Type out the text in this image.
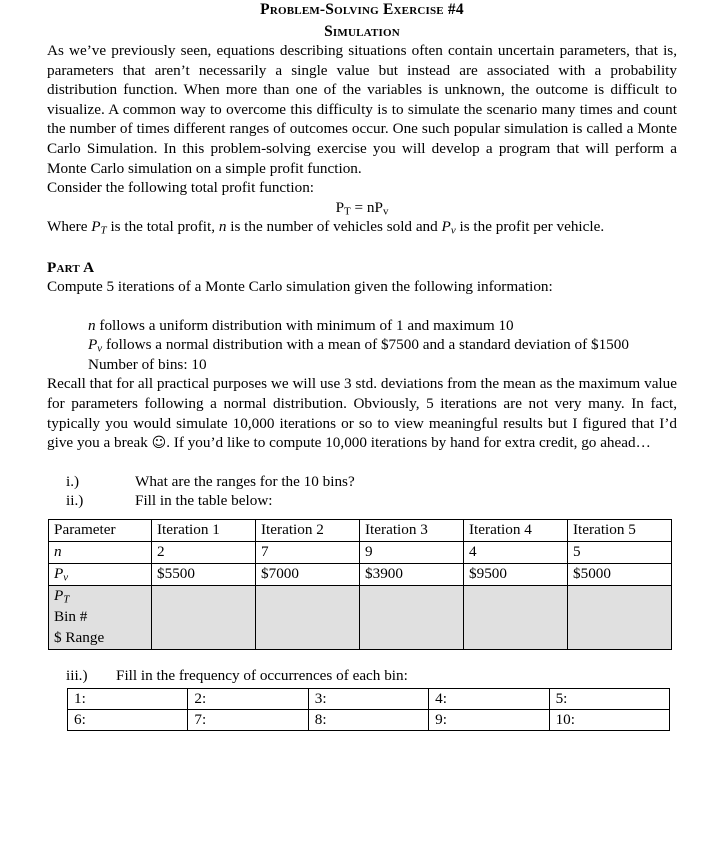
Problem-Solving Exercise #4
Simulation

As we’ve previously seen, equations describing situations often contain uncertain parameters, that is, parameters that aren’t necessarily a single value but instead are associated with a probability distribution function. When more than one of the variables is unknown, the outcome is difficult to visualize. A common way to overcome this difficulty is to simulate the scenario many times and count the number of times different ranges of outcomes occur. One such popular simulation is called a Monte Carlo Simulation. In this problem-solving exercise you will develop a program that will perform a Monte Carlo simulation on a simple profit function.

Consider the following total profit function:

$P_T = nP_v$
Where $P_T$ is the total profit, n is the number of vehicles sold and $P_v$ is the profit per vehicle.
Part A

Compute 5 iterations of a Monte Carlo simulation given the following information:

n follows a uniform distribution with minimum of 1 and maximum 10
$P_v$ follows a normal distribution with a mean of $7500 and a standard deviation of $1500
Number of bins: 10

Recall that for all practical purposes we will use 3 std. deviations from the mean as the maximum value for parameters following a normal distribution. Obviously, 5 iterations are not very many. In fact, typically you would simulate 10,000 iterations or so to view meaningful results but I figured that I’d give you a break ☺. If you’d like to compute 10,000 iterations by hand for extra credit, go ahead…

i.)	What are the ranges for the 10 bins?
ii.)	Fill in the table below:
Parameter	Iteration 1	Iteration 2	Iteration 3	Iteration 4	Iteration 5
n	2	7	9	4	5
$P_v$	$5500	$7000	$3900	$9500	$5000
$P_T$					
Bin #					
$ Range					
iii.)	Fill in the frequency of occurrences of each bin:
1:	2:	3:	4:	5:
6:	7:	8:	9:	10:
